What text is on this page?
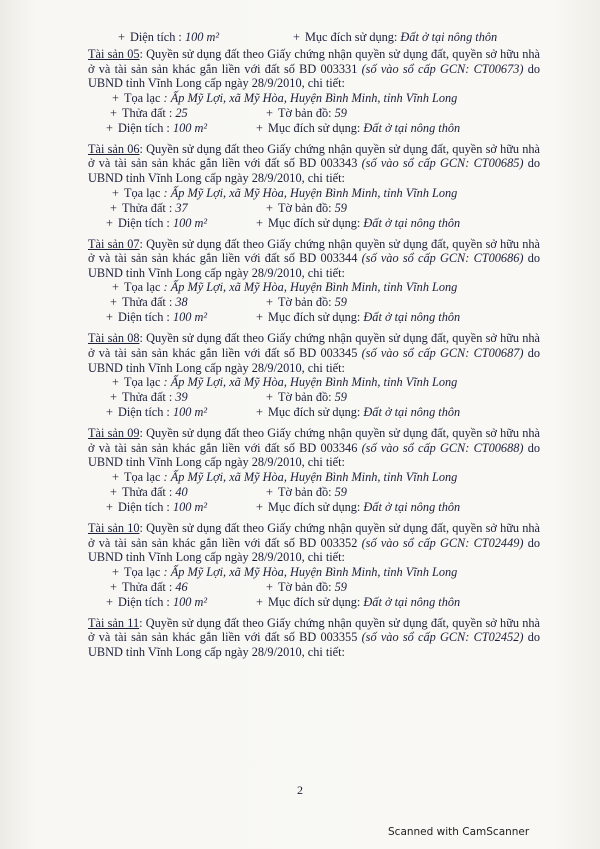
+ Diện tích : 100 m²	+ Mục đích sử dụng: Đất ở tại nông thôn
Tài sản 05: Quyền sử dụng đất theo Giấy chứng nhận quyền sử dụng đất, quyền sở hữu nhà ở và tài sản sản khác gắn liền với đất số BD 003331 (số vào sổ cấp GCN: CT00673) do UBND tỉnh Vĩnh Long cấp ngày 28/9/2010, chi tiết:
+ Tọa lạc : Ấp Mỹ Lợi, xã Mỹ Hòa, Huyện Bình Minh, tỉnh Vĩnh Long
+ Thửa đất : 25	+ Tờ bản đồ: 59
+ Diện tích : 100 m²	+ Mục đích sử dụng: Đất ở tại nông thôn
Tài sản 06: Quyền sử dụng đất theo Giấy chứng nhận quyền sử dụng đất, quyền sở hữu nhà ở và tài sản sản khác gắn liền với đất số BD 003343 (số vào sổ cấp GCN: CT00685) do UBND tỉnh Vĩnh Long cấp ngày 28/9/2010, chi tiết:
+ Tọa lạc : Ấp Mỹ Lợi, xã Mỹ Hòa, Huyện Bình Minh, tỉnh Vĩnh Long
+ Thửa đất : 37	+ Tờ bản đồ: 59
+ Diện tích : 100 m²	+ Mục đích sử dụng: Đất ở tại nông thôn
Tài sản 07: Quyền sử dụng đất theo Giấy chứng nhận quyền sử dụng đất, quyền sở hữu nhà ở và tài sản sản khác gắn liền với đất số BD 003344 (số vào sổ cấp GCN: CT00686) do UBND tỉnh Vĩnh Long cấp ngày 28/9/2010, chi tiết:
+ Tọa lạc : Ấp Mỹ Lợi, xã Mỹ Hòa, Huyện Bình Minh, tỉnh Vĩnh Long
+ Thửa đất : 38	+ Tờ bản đồ: 59
+ Diện tích : 100 m²	+ Mục đích sử dụng: Đất ở tại nông thôn
Tài sản 08: Quyền sử dụng đất theo Giấy chứng nhận quyền sử dụng đất, quyền sở hữu nhà ở và tài sản sản khác gắn liền với đất số BD 003345 (số vào sổ cấp GCN: CT00687) do UBND tỉnh Vĩnh Long cấp ngày 28/9/2010, chi tiết:
+ Tọa lạc : Ấp Mỹ Lợi, xã Mỹ Hòa, Huyện Bình Minh, tỉnh Vĩnh Long
+ Thửa đất : 39	+ Tờ bản đồ: 59
+ Diện tích : 100 m²	+ Mục đích sử dụng: Đất ở tại nông thôn
Tài sản 09: Quyền sử dụng đất theo Giấy chứng nhận quyền sử dụng đất, quyền sở hữu nhà ở và tài sản sản khác gắn liền với đất số BD 003346 (số vào sổ cấp GCN: CT00688) do UBND tỉnh Vĩnh Long cấp ngày 28/9/2010, chi tiết:
+ Tọa lạc : Ấp Mỹ Lợi, xã Mỹ Hòa, Huyện Bình Minh, tỉnh Vĩnh Long
+ Thửa đất : 40	+ Tờ bản đồ: 59
+ Diện tích : 100 m²	+ Mục đích sử dụng: Đất ở tại nông thôn
Tài sản 10: Quyền sử dụng đất theo Giấy chứng nhận quyền sử dụng đất, quyền sở hữu nhà ở và tài sản sản khác gắn liền với đất số BD 003352 (số vào sổ cấp GCN: CT02449) do UBND tỉnh Vĩnh Long cấp ngày 28/9/2010, chi tiết:
+ Tọa lạc : Ấp Mỹ Lợi, xã Mỹ Hòa, Huyện Bình Minh, tỉnh Vĩnh Long
+ Thửa đất : 46	+ Tờ bản đồ: 59
+ Diện tích : 100 m²	+ Mục đích sử dụng: Đất ở tại nông thôn
Tài sản 11: Quyền sử dụng đất theo Giấy chứng nhận quyền sử dụng đất, quyền sở hữu nhà ở và tài sản sản khác gắn liền với đất số BD 003355 (số vào sổ cấp GCN: CT02452) do UBND tỉnh Vĩnh Long cấp ngày 28/9/2010, chi tiết:
2
Scanned with CamScanner
